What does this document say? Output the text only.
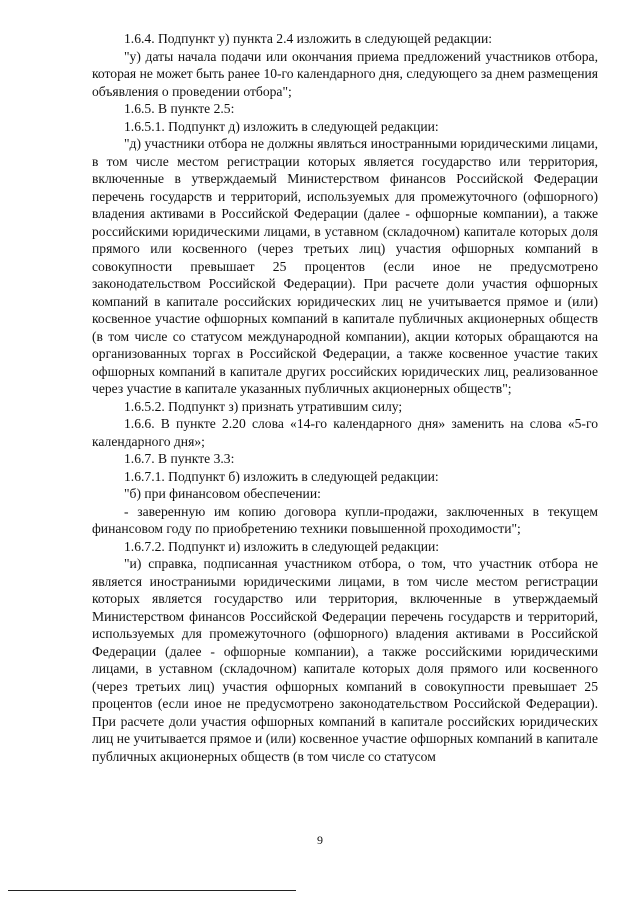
1.6.4. Подпункт у) пункта 2.4 изложить в следующей редакции:

"у) даты начала подачи или окончания приема предложений участников отбора, которая не может быть ранее 10-го календарного дня, следующего за днем размещения объявления о проведении отбора";

1.6.5. В пункте 2.5:

1.6.5.1. Подпункт д) изложить в следующей редакции:

"д) участники отбора не должны являться иностранными юридическими лицами, в том числе местом регистрации которых является государство или территория, включенные в утверждаемый Министерством финансов Российской Федерации перечень государств и территорий, используемых для промежуточного (офшорного) владения активами в Российской Федерации (далее - офшорные компании), а также российскими юридическими лицами, в уставном (складочном) капитале которых доля прямого или косвенного (через третьих лиц) участия офшорных компаний в совокупности превышает 25 процентов (если иное не предусмотрено законодательством Российской Федерации). При расчете доли участия офшорных компаний в капитале российских юридических лиц не учитывается прямое и (или) косвенное участие офшорных компаний в капитале публичных акционерных обществ (в том числе со статусом международной компании), акции которых обращаются на организованных торгах в Российской Федерации, а также косвенное участие таких офшорных компаний в капитале других российских юридических лиц, реализованное через участие в капитале указанных публичных акционерных обществ";

1.6.5.2. Подпункт з) признать утратившим силу;

1.6.6. В пункте 2.20 слова «14-го календарного дня» заменить на слова «5-го календарного дня»;

1.6.7. В пункте 3.3:

1.6.7.1. Подпункт б) изложить в следующей редакции:

"б) при финансовом обеспечении:

- заверенную им копию договора купли-продажи, заключенных в текущем финансовом году по приобретению техники повышенной проходимости";

1.6.7.2. Подпункт и) изложить в следующей редакции:

"и) справка, подписанная участником отбора, о том, что участник отбора не является иностраниыми юридическими лицами, в том числе местом регистрации которых является государство или территория, включенные в утверждаемый Министерством финансов Российской Федерации перечень государств и территорий, используемых для промежуточного (офшорного) владения активами в Российской Федерации (далее - офшорные компании), а также российскими юридическими лицами, в уставном (складочном) капитале которых доля прямого или косвенного (через третьих лиц) участия офшорных компаний в совокупности превышает 25 процентов (если иное не предусмотрено законодательством Российской Федерации). При расчете доли участия офшорных компаний в капитале российских юридических лиц не учитывается прямое и (или) косвенное участие офшорных компаний в капитале публичных акционерных обществ (в том числе со статусом

9
